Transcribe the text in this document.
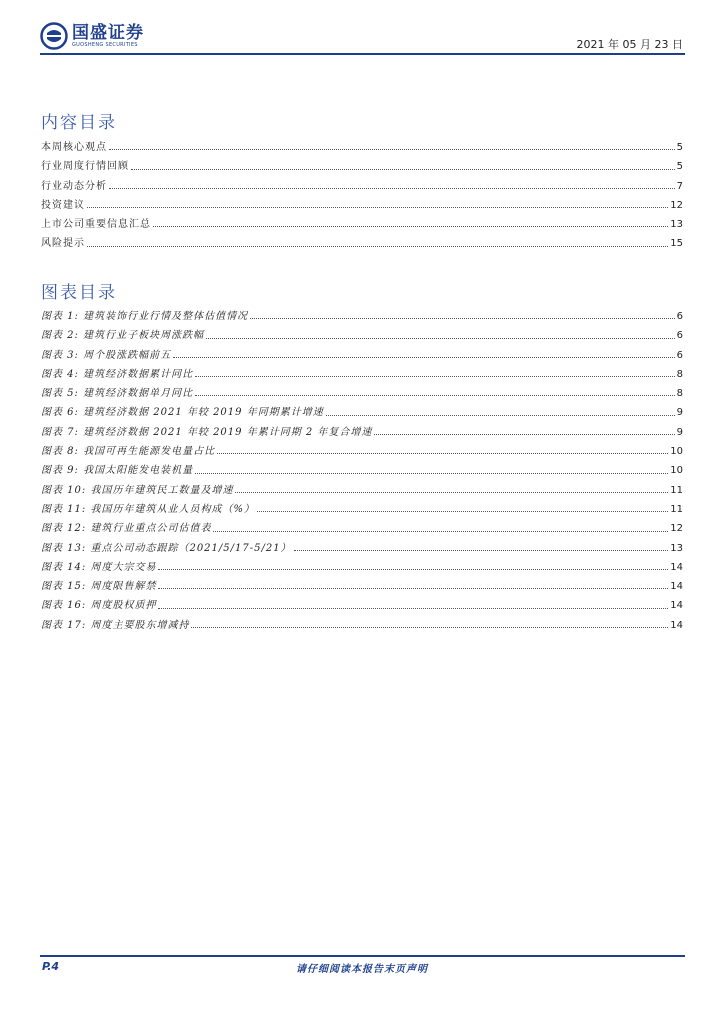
国盛证券
GUOSHENG SECURITIES	2021 年 05 月 23 日
内容目录
本周核心观点	5
行业周度行情回顾	5
行业动态分析	7
投资建议	12
上市公司重要信息汇总	13
风险提示	15
图表目录
图表 1: 建筑装饰行业行情及整体估值情况	6
图表 2: 建筑行业子板块周涨跌幅	6
图表 3: 周个股涨跌幅前五	6
图表 4: 建筑经济数据累计同比	8
图表 5: 建筑经济数据单月同比	8
图表 6: 建筑经济数据 2021 年较 2019 年同期累计增速	9
图表 7: 建筑经济数据 2021 年较 2019 年累计同期 2 年复合增速	9
图表 8: 我国可再生能源发电量占比	10
图表 9: 我国太阳能发电装机量	10
图表 10: 我国历年建筑民工数量及增速	11
图表 11: 我国历年建筑从业人员构成（%）	11
图表 12: 建筑行业重点公司估值表	12
图表 13: 重点公司动态跟踪（2021/5/17-5/21）	13
图表 14: 周度大宗交易	14
图表 15: 周度限售解禁	14
图表 16: 周度股权质押	14
图表 17: 周度主要股东增减持	14
P.4	请仔细阅读本报告末页声明
